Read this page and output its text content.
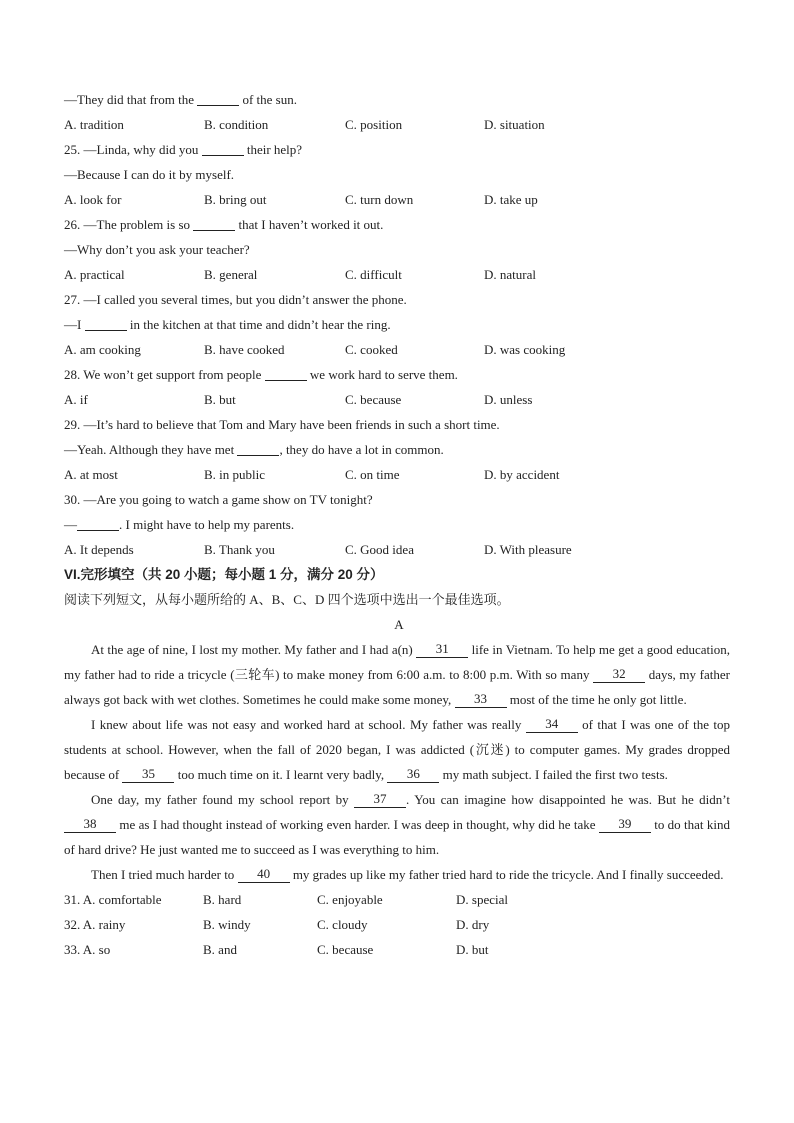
—They did that from the	of the sun.
A. tradition	B. condition	C. position	D. situation
25. —Linda, why did you	their help?
—Because I can do it by myself.
A. look for	B. bring out	C. turn down	D. take up
26. —The problem is so	that I haven’t worked it out.
—Why don’t you ask your teacher?
A. practical	B. general	C. difficult	D. natural
27. —I called you several times, but you didn’t answer the phone.
—I	in the kitchen at that time and didn’t hear the ring.
A. am cooking	B. have cooked	C. cooked	D. was cooking
28. We won’t get support from people	we work hard to serve them.
A. if	B. but	C. because	D. unless
29. —It’s hard to believe that Tom and Mary have been friends in such a short time.
—Yeah. Although they have met	, they do have a lot in common.
A. at most	B. in public	C. on time	D. by accident
30. —Are you going to watch a game show on TV tonight?
—	. I might have to help my parents.
A. It depends	B. Thank you	C. Good idea	D. With pleasure
VI.完形填空（共 20 小题；每小题 1 分，满分 20 分）
阅读下列短文，从每小题所给的 A、B、C、D 四个选项中选出一个最佳选项。
A
At the age of nine, I lost my mother. My father and I had a(n) 31 life in Vietnam. To help me get a good education, my father had to ride a tricycle (三轮车) to make money from 6:00 a.m. to 8:00 p.m. With so many 32 days, my father always got back with wet clothes. Sometimes he could make some money, 33 most of the time he only got little.
I knew about life was not easy and worked hard at school. My father was really 34 of that I was one of the top students at school. However, when the fall of 2020 began, I was addicted (沉迷) to computer games. My grades dropped because of 35 too much time on it. I learnt very badly, 36 my math subject. I failed the first two tests.
One day, my father found my school report by 37 . You can imagine how disappointed he was. But he didn’t 38 me as I had thought instead of working even harder. I was deep in thought, why did he take 39 to do that kind of hard drive? He just wanted me to succeed as I was everything to him.
Then I tried much harder to 40 my grades up like my father tried hard to ride the tricycle. And I finally succeeded.
31. A. comfortable	B. hard	C. enjoyable	D. special
32. A. rainy	B. windy	C. cloudy	D. dry
33. A. so	B. and	C. because	D. but
